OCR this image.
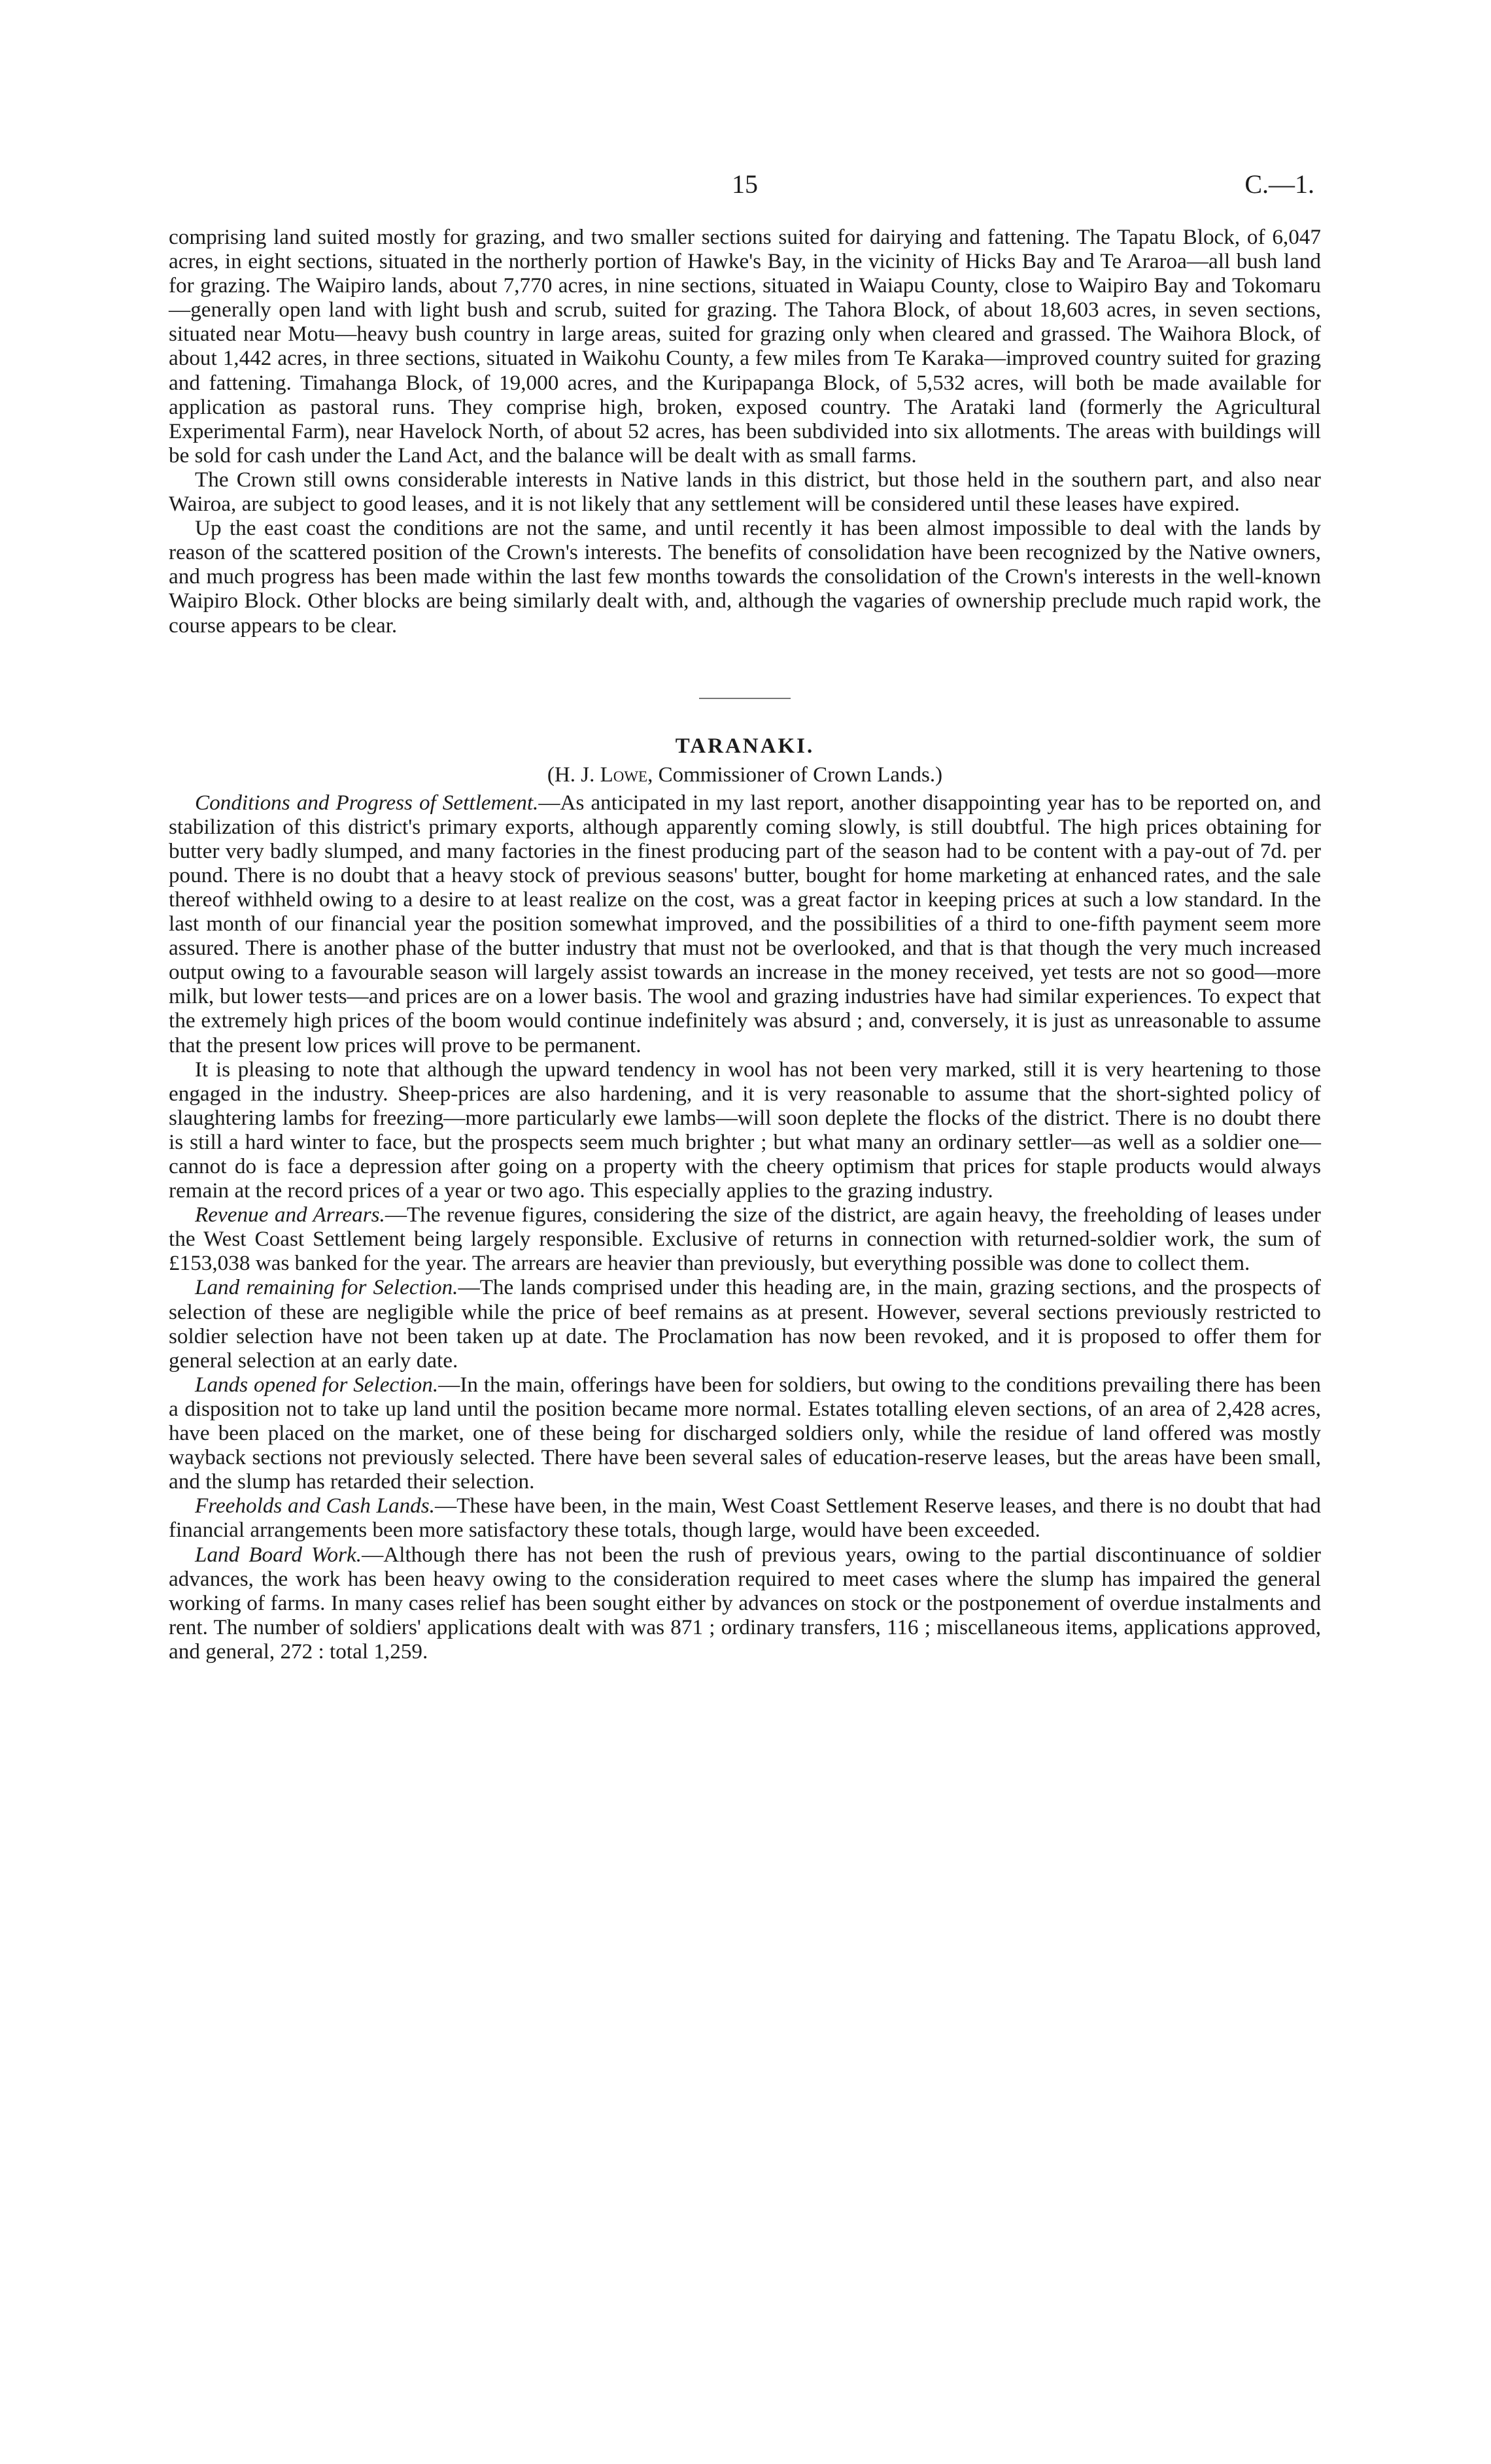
15	C.—1.

comprising land suited mostly for grazing, and two smaller sections suited for dairying and fattening. The Tapatu Block, of 6,047 acres, in eight sections, situated in the northerly portion of Hawke's Bay, in the vicinity of Hicks Bay and Te Araroa—all bush land for grazing. The Waipiro lands, about 7,770 acres, in nine sections, situated in Waiapu County, close to Waipiro Bay and Tokomaru—generally open land with light bush and scrub, suited for grazing. The Tahora Block, of about 18,603 acres, in seven sections, situated near Motu—heavy bush country in large areas, suited for grazing only when cleared and grassed. The Waihora Block, of about 1,442 acres, in three sections, situated in Waikohu County, a few miles from Te Karaka—improved country suited for grazing and fattening. Timahanga Block, of 19,000 acres, and the Kuripapanga Block, of 5,532 acres, will both be made available for application as pastoral runs. They comprise high, broken, exposed country. The Arataki land (formerly the Agricultural Experimental Farm), near Havelock North, of about 52 acres, has been subdivided into six allotments. The areas with buildings will be sold for cash under the Land Act, and the balance will be dealt with as small farms.

The Crown still owns considerable interests in Native lands in this district, but those held in the southern part, and also near Wairoa, are subject to good leases, and it is not likely that any settlement will be considered until these leases have expired.

Up the east coast the conditions are not the same, and until recently it has been almost impossible to deal with the lands by reason of the scattered position of the Crown's interests. The benefits of consolidation have been recognized by the Native owners, and much progress has been made within the last few months towards the consolidation of the Crown's interests in the well-known Waipiro Block. Other blocks are being similarly dealt with, and, although the vagaries of ownership preclude much rapid work, the course appears to be clear.

TARANAKI.
(H. J. Lowe, Commissioner of Crown Lands.)

Conditions and Progress of Settlement.—As anticipated in my last report, another disappointing year has to be reported on, and stabilization of this district's primary exports, although apparently coming slowly, is still doubtful. The high prices obtaining for butter very badly slumped, and many factories in the finest producing part of the season had to be content with a pay-out of 7d. per pound. There is no doubt that a heavy stock of previous seasons' butter, bought for home marketing at enhanced rates, and the sale thereof withheld owing to a desire to at least realize on the cost, was a great factor in keeping prices at such a low standard. In the last month of our financial year the position somewhat improved, and the possibilities of a third to one-fifth payment seem more assured. There is another phase of the butter industry that must not be overlooked, and that is that though the very much increased output owing to a favourable season will largely assist towards an increase in the money received, yet tests are not so good—more milk, but lower tests—and prices are on a lower basis. The wool and grazing industries have had similar experiences. To expect that the extremely high prices of the boom would continue indefinitely was absurd ; and, conversely, it is just as unreasonable to assume that the present low prices will prove to be permanent.

It is pleasing to note that although the upward tendency in wool has not been very marked, still it is very heartening to those engaged in the industry. Sheep-prices are also hardening, and it is very reasonable to assume that the short-sighted policy of slaughtering lambs for freezing—more particularly ewe lambs—will soon deplete the flocks of the district. There is no doubt there is still a hard winter to face, but the prospects seem much brighter ; but what many an ordinary settler—as well as a soldier one—cannot do is face a depression after going on a property with the cheery optimism that prices for staple products would always remain at the record prices of a year or two ago. This especially applies to the grazing industry.

Revenue and Arrears.—The revenue figures, considering the size of the district, are again heavy, the freeholding of leases under the West Coast Settlement being largely responsible. Exclusive of returns in connection with returned-soldier work, the sum of £153,038 was banked for the year. The arrears are heavier than previously, but everything possible was done to collect them.

Land remaining for Selection.—The lands comprised under this heading are, in the main, grazing sections, and the prospects of selection of these are negligible while the price of beef remains as at present. However, several sections previously restricted to soldier selection have not been taken up at date. The Proclamation has now been revoked, and it is proposed to offer them for general selection at an early date.

Lands opened for Selection.—In the main, offerings have been for soldiers, but owing to the conditions prevailing there has been a disposition not to take up land until the position became more normal. Estates totalling eleven sections, of an area of 2,428 acres, have been placed on the market, one of these being for discharged soldiers only, while the residue of land offered was mostly wayback sections not previously selected. There have been several sales of education-reserve leases, but the areas have been small, and the slump has retarded their selection.

Freeholds and Cash Lands.—These have been, in the main, West Coast Settlement Reserve leases, and there is no doubt that had financial arrangements been more satisfactory these totals, though large, would have been exceeded.

Land Board Work.—Although there has not been the rush of previous years, owing to the partial discontinuance of soldier advances, the work has been heavy owing to the consideration required to meet cases where the slump has impaired the general working of farms. In many cases relief has been sought either by advances on stock or the postponement of overdue instalments and rent. The number of soldiers' applications dealt with was 871 ; ordinary transfers, 116 ; miscellaneous items, applications approved, and general, 272 : total 1,259.
